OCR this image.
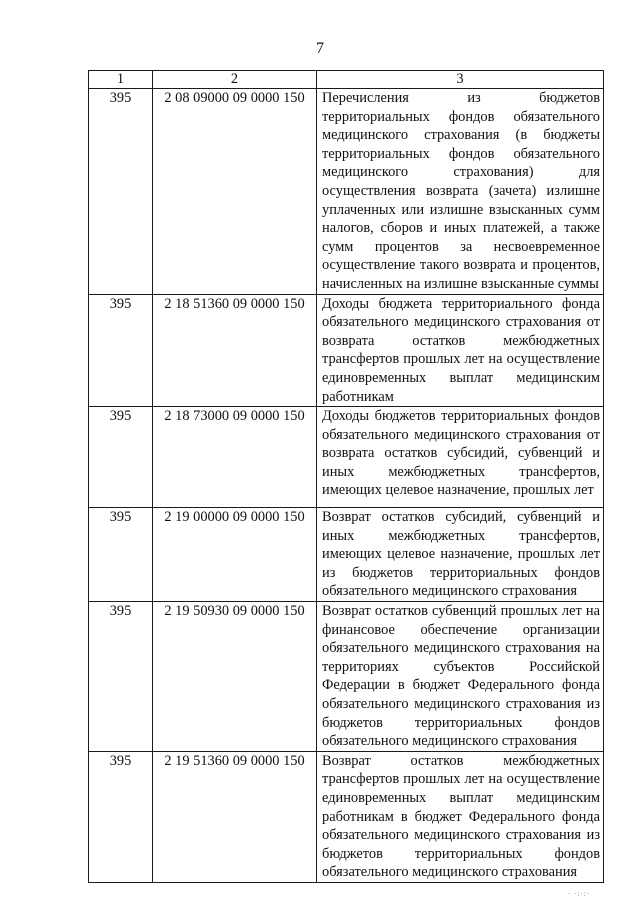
7
1	2	3
395	2 08 09000 09 0000 150	Перечисления из бюджетов территориальных фондов обязательного медицинского страхования (в бюджеты территориальных фондов обязательного медицинского страхования) для осуществления возврата (зачета) излишне уплаченных или излишне взысканных сумм налогов, сборов и иных платежей, а также сумм процентов за несвоевременное осуществление такого возврата и процентов, начисленных на излишне взысканные суммы
395	2 18 51360 09 0000 150	Доходы бюджета территориального фонда обязательного медицинского страхования от возврата остатков межбюджетных трансфертов прошлых лет на осуществление единовременных выплат медицинским работникам
395	2 18 73000 09 0000 150	Доходы бюджетов территориальных фондов обязательного медицинского страхования от возврата остатков субсидий, субвенций и иных межбюджетных трансфертов, имеющих целевое назначение, прошлых лет
395	2 19 00000 09 0000 150	Возврат остатков субсидий, субвенций и иных межбюджетных трансфертов, имеющих целевое назначение, прошлых лет из бюджетов территориальных фондов обязательного медицинского страхования
395	2 19 50930 09 0000 150	Возврат остатков субвенций прошлых лет на финансовое обеспечение организации обязательного медицинского страхования на территориях субъектов Российской Федерации в бюджет Федерального фонда обязательного медицинского страхования из бюджетов территориальных фондов обязательного медицинского страхования
395	2 19 51360 09 0000 150	Возврат остатков межбюджетных трансфертов прошлых лет на осуществление единовременных выплат медицинским работникам в бюджет Федерального фонда обязательного медицинского страхования из бюджетов территориальных фондов обязательного медицинского страхования
· ·:·:·
